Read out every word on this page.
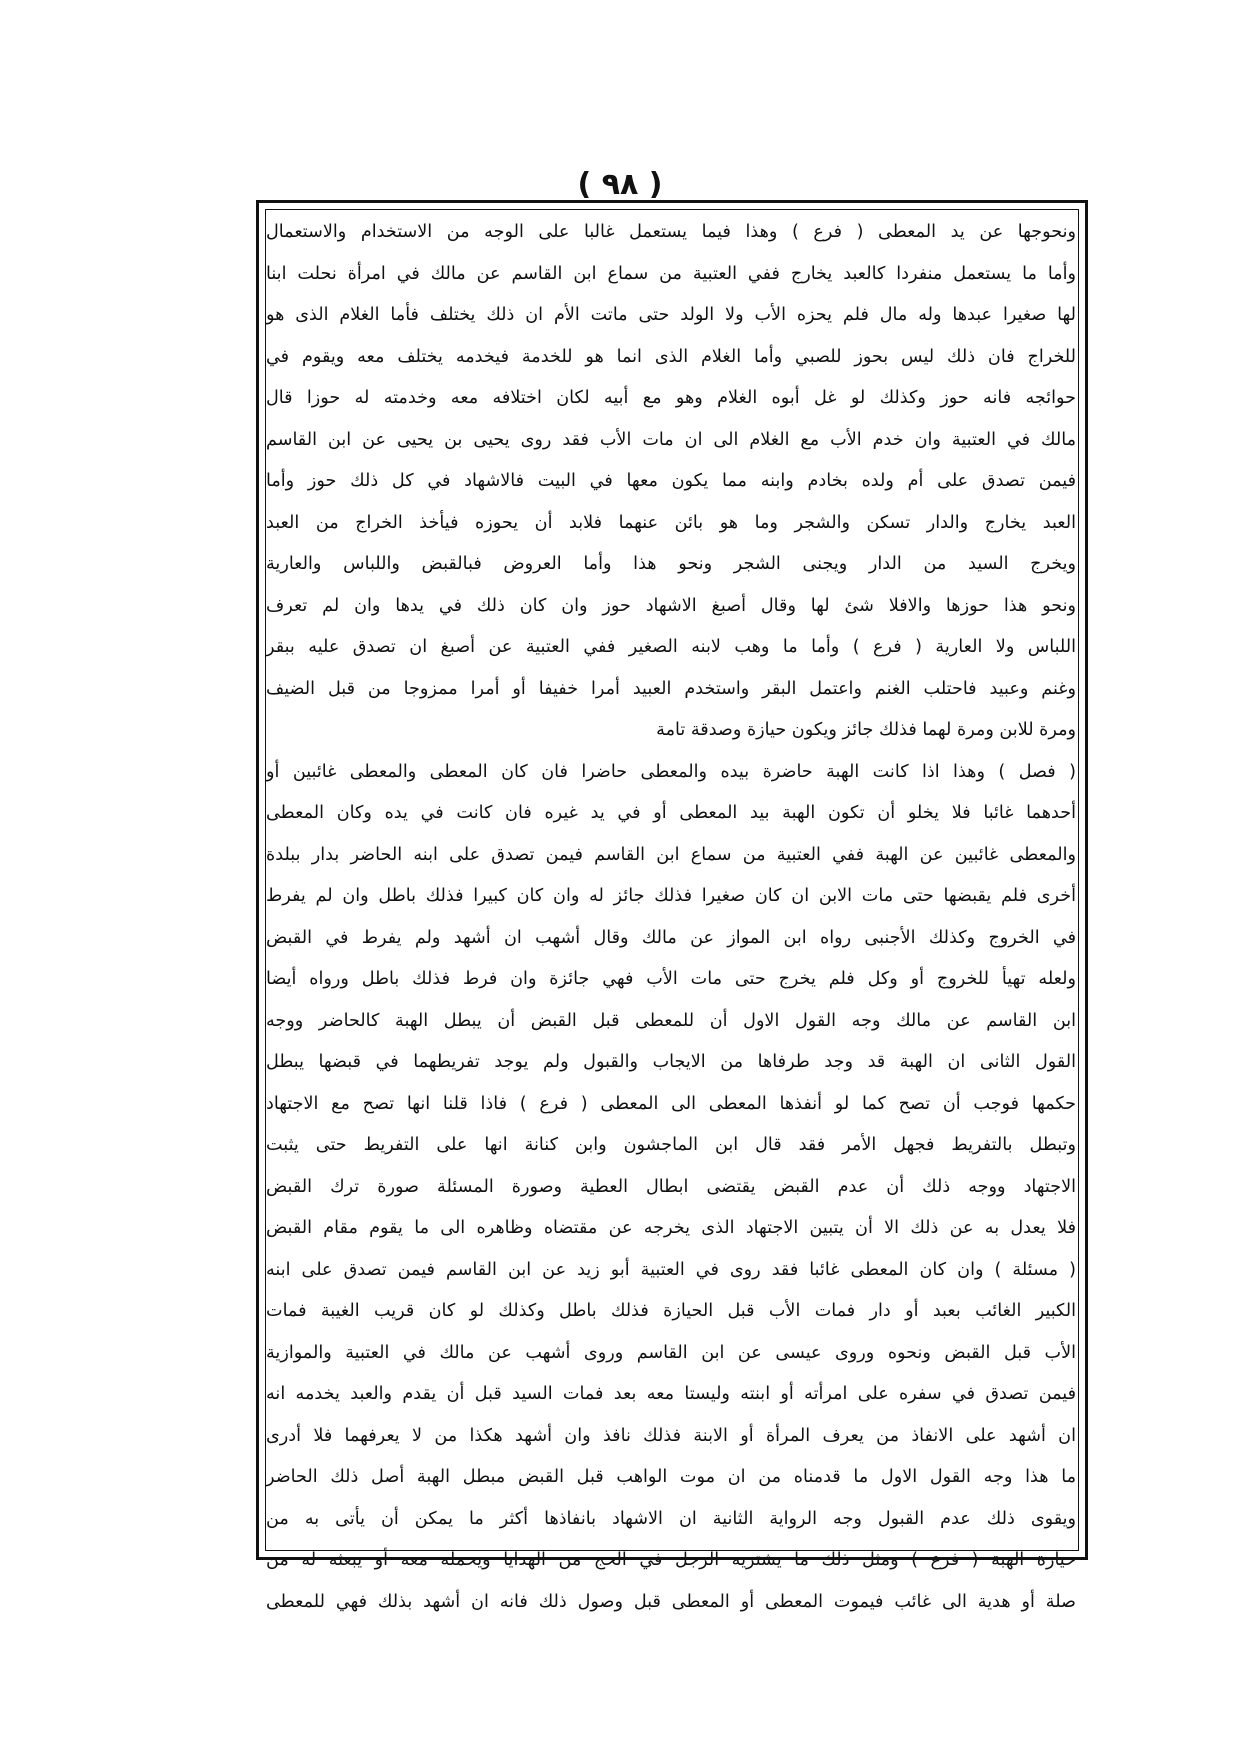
( ٩٨ )
ونحوجها عن يد المعطى ( فرع ) وهذا فيما يستعمل غالبا على الوجه من الاستخدام والاستعمال
وأما ما يستعمل منفردا كالعبد يخارج ففي العتبية من سماع ابن القاسم عن مالك في امرأة نحلت ابنا
لها صغيرا عبدها وله مال فلم يحزه الأب ولا الولد حتى ماتت الأم ان ذلك يختلف فأما الغلام الذى هو
للخراج فان ذلك ليس بحوز للصبي وأما الغلام الذى انما هو للخدمة فيخدمه يختلف معه ويقوم في
حوائجه فانه حوز وكذلك لو غل أبوه الغلام وهو مع أبيه لكان اختلافه معه وخدمته له حوزا قال
مالك في العتبية وان خدم الأب مع الغلام الى ان مات الأب فقد روى يحيى بن يحيى عن ابن القاسم
فيمن تصدق على أم ولده بخادم وابنه مما يكون معها في البيت فالاشهاد في كل ذلك حوز وأما
العبد يخارج والدار تسكن والشجر وما هو بائن عنهما فلابد أن يحوزه فيأخذ الخراج من العبد
ويخرج السيد من الدار ويجنى الشجر ونحو هذا وأما العروض فبالقبض واللباس والعارية
ونحو هذا حوزها والافلا شئ لها وقال أصبغ الاشهاد حوز وان كان ذلك في يدها وان لم تعرف
اللباس ولا العارية ( فرع ) وأما ما وهب لابنه الصغير ففي العتبية عن أصبغ ان تصدق عليه ببقر
وغنم وعبيد فاحتلب الغنم واعتمل البقر واستخدم العبيد أمرا خفيفا أو أمرا ممزوجا من قبل الضيف
ومرة للابن ومرة لهما فذلك جائز ويكون حيازة وصدقة تامة
( فصل ) وهذا اذا كانت الهبة حاضرة بيده والمعطى حاضرا فان كان المعطى والمعطى غائبين أو
أحدهما غائبا فلا يخلو أن تكون الهبة بيد المعطى أو في يد غيره فان كانت في يده وكان المعطى
والمعطى غائبين عن الهبة ففي العتبية من سماع ابن القاسم فيمن تصدق على ابنه الحاضر بدار ببلدة
أخرى فلم يقبضها حتى مات الابن ان كان صغيرا فذلك جائز له وان كان كبيرا فذلك باطل وان لم يفرط
في الخروج وكذلك الأجنبى رواه ابن المواز عن مالك وقال أشهب ان أشهد ولم يفرط في القبض
ولعله تهيأ للخروج أو وكل فلم يخرج حتى مات الأب فهي جائزة وان فرط فذلك باطل ورواه أيضا
ابن القاسم عن مالك وجه القول الاول أن للمعطى قبل القبض أن يبطل الهبة كالحاضر ووجه
القول الثانى ان الهبة قد وجد طرفاها من الايجاب والقبول ولم يوجد تفريطهما في قبضها يبطل
حكمها فوجب أن تصح كما لو أنفذها المعطى الى المعطى ( فرع ) فاذا قلنا انها تصح مع الاجتهاد
وتبطل بالتفريط فجهل الأمر فقد قال ابن الماجشون وابن كنانة انها على التفريط حتى يثبت
الاجتهاد ووجه ذلك أن عدم القبض يقتضى ابطال العطية وصورة المسئلة صورة ترك القبض
فلا يعدل به عن ذلك الا أن يتبين الاجتهاد الذى يخرجه عن مقتضاه وظاهره الى ما يقوم مقام القبض
( مسئلة ) وان كان المعطى غائبا فقد روى في العتبية أبو زيد عن ابن القاسم فيمن تصدق على ابنه
الكبير الغائب بعبد أو دار فمات الأب قبل الحيازة فذلك باطل وكذلك لو كان قريب الغيبة فمات
الأب قبل القبض ونحوه وروى عيسى عن ابن القاسم وروى أشهب عن مالك في العتبية والموازية
فيمن تصدق في سفره على امرأته أو ابنته وليستا معه بعد فمات السيد قبل أن يقدم والعبد يخدمه انه
ان أشهد على الانفاذ من يعرف المرأة أو الابنة فذلك نافذ وان أشهد هكذا من لا يعرفهما فلا أدرى
ما هذا وجه القول الاول ما قدمناه من ان موت الواهب قبل القبض مبطل الهبة أصل ذلك الحاضر
ويقوى ذلك عدم القبول وجه الرواية الثانية ان الاشهاد بانفاذها أكثر ما يمكن أن يأتى به من
حيازة الهبة ( فرع ) ومثل ذلك ما يشتريه الرجل في الحج من الهدايا ويحمله معه أو يبعثه له من
صلة أو هدية الى غائب فيموت المعطى أو المعطى قبل وصول ذلك فانه ان أشهد بذلك فهي للمعطى
